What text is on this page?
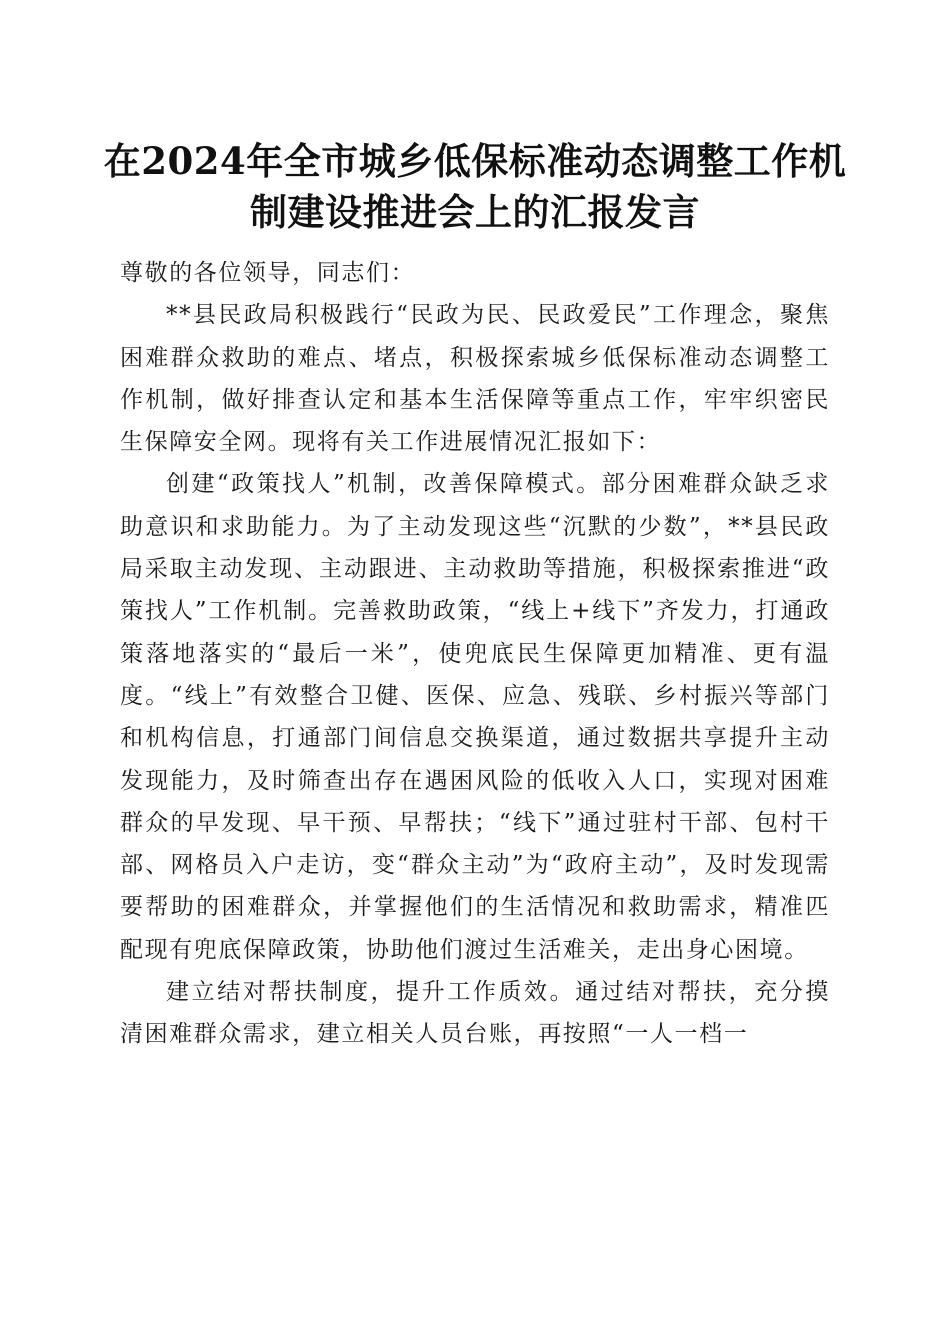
在2024年全市城乡低保标准动态调整工作机
制建设推进会上的汇报发言

尊敬的各位领导，同志们：

**县民政局积极践行“民政为民、民政爱民”工作理念，聚焦困难群众救助的难点、堵点，积极探索城乡低保标准动态调整工作机制，做好排查认定和基本生活保障等重点工作，牢牢织密民生保障安全网。现将有关工作进展情况汇报如下：

创建“政策找人”机制，改善保障模式。部分困难群众缺乏求助意识和求助能力。为了主动发现这些“沉默的少数”，**县民政局采取主动发现、主动跟进、主动救助等措施，积极探索推进“政策找人”工作机制。完善救助政策，“线上+线下”齐发力，打通政策落地落实的“最后一米”，使兜底民生保障更加精准、更有温度。“线上”有效整合卫健、医保、应急、残联、乡村振兴等部门和机构信息，打通部门间信息交换渠道，通过数据共享提升主动发现能力，及时筛查出存在遇困风险的低收入人口，实现对困难群众的早发现、早干预、早帮扶；“线下”通过驻村干部、包村干部、网格员入户走访，变“群众主动”为“政府主动”，及时发现需要帮助的困难群众，并掌握他们的生活情况和救助需求，精准匹配现有兜底保障政策，协助他们渡过生活难关，走出身心困境。

建立结对帮扶制度，提升工作质效。通过结对帮扶，充分摸清困难群众需求，建立相关人员台账，再按照“一人一档一
